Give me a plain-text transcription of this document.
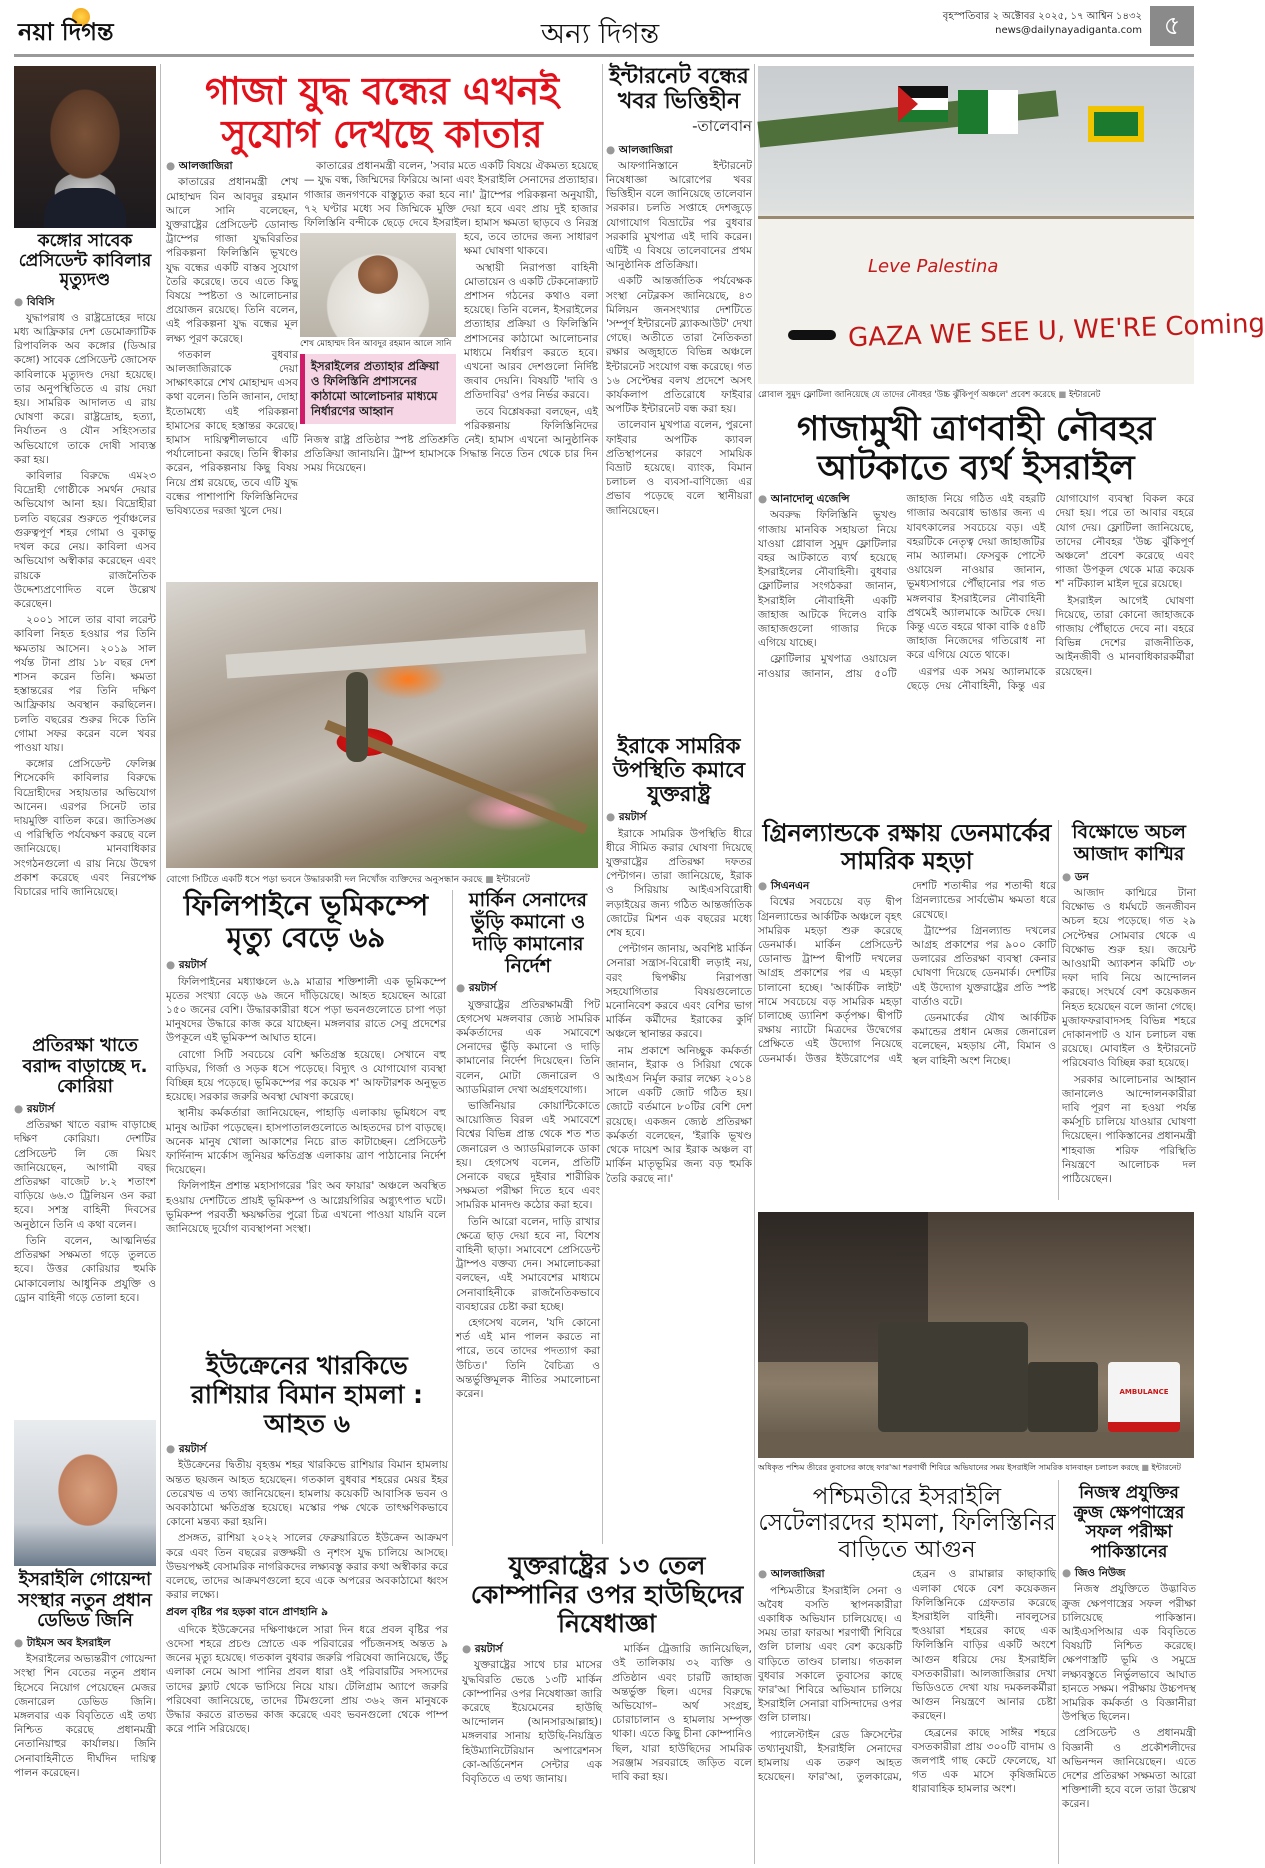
নয়া দিগন্ত	অন্য দিগন্ত
বৃহস্পতিবার ২ অক্টোবর ২০২৫, ১৭ আশ্বিন ১৪৩২
news@dailynayadiganta.com ৫
কঙ্গোর সাবেক প্রেসিডেন্ট কাবিলার মৃত্যুদণ্ড
● বিবিসি

যুদ্ধাপরাধ ও রাষ্ট্রদ্রোহের দায়ে মধ্য আফ্রিকার দেশ ডেমোক্র্যাটিক রিপাবলিক অব কঙ্গোর (ডিআর কঙ্গো) সাবেক প্রেসিডেন্ট জোসেফ কাবিলাকে মৃত্যুদণ্ড দেয়া হয়েছে। তার অনুপস্থিতিতে এ রায় দেয়া হয়। সামরিক আদালত এ রায় ঘোষণা করে। রাষ্ট্রদ্রোহ, হত্যা, নির্যাতন ও যৌন সহিংসতার অভিযোগে তাকে দোষী সাব্যস্ত করা হয়।

কাবিলার বিরুদ্ধে এম২৩ বিদ্রোহী গোষ্ঠীকে সমর্থন দেয়ার অভিযোগ আনা হয়। বিদ্রোহীরা চলতি বছরের শুরুতে পূর্বাঞ্চলের গুরুত্বপূর্ণ শহর গোমা ও বুকাভু দখল করে নেয়। কাবিলা এসব অভিযোগ অস্বীকার করেছেন এবং রায়কে রাজনৈতিক উদ্দেশ্যপ্রণোদিত বলে উল্লেখ করেছেন।

২০০১ সালে তার বাবা লরেন্ট কাবিলা নিহত হওয়ার পর তিনি ক্ষমতায় আসেন। ২০১৯ সাল পর্যন্ত টানা প্রায় ১৮ বছর দেশ শাসন করেন তিনি। ক্ষমতা হস্তান্তরের পর তিনি দক্ষিণ আফ্রিকায় অবস্থান করছিলেন। চলতি বছরের শুরুর দিকে তিনি গোমা সফর করেন বলে খবর পাওয়া যায়।

কঙ্গোর প্রেসিডেন্ট ফেলিক্স শিসেকেদি কাবিলার বিরুদ্ধে বিদ্রোহীদের সহায়তার অভিযোগ আনেন। এরপর সিনেট তার দায়মুক্তি বাতিল করে। জাতিসঙ্ঘ এ পরিস্থিতি পর্যবেক্ষণ করছে বলে জানিয়েছে। মানবাধিকার সংগঠনগুলো এ রায় নিয়ে উদ্বেগ প্রকাশ করেছে এবং নিরপেক্ষ বিচারের দাবি জানিয়েছে।

প্রতিরক্ষা খাতে বরাদ্দ বাড়াচ্ছে দ. কোরিয়া
● রয়টার্স

প্রতিরক্ষা খাতে বরাদ্দ বাড়াচ্ছে দক্ষিণ কোরিয়া। দেশটির প্রেসিডেন্ট লি জে মিয়ং জানিয়েছেন, আগামী বছর প্রতিরক্ষা বাজেট ৮.২ শতাংশ বাড়িয়ে ৬৬.৩ ট্রিলিয়ন ওন করা হবে। সশস্ত্র বাহিনী দিবসের অনুষ্ঠানে তিনি এ কথা বলেন।

তিনি বলেন, আত্মনির্ভর প্রতিরক্ষা সক্ষমতা গড়ে তুলতে হবে। উত্তর কোরিয়ার হুমকি মোকাবেলায় আধুনিক প্রযুক্তি ও ড্রোন বাহিনী গড়ে তোলা হবে।

ইসরাইলি গোয়েন্দা সংস্থার নতুন প্রধান ডেভিড জিনি
● টাইমস অব ইসরাইল

ইসরাইলের অভ্যন্তরীণ গোয়েন্দা সংস্থা শিন বেতের নতুন প্রধান হিসেবে নিয়োগ পেয়েছেন মেজর জেনারেল ডেভিড জিনি। মঙ্গলবার এক বিবৃতিতে এই তথ্য নিশ্চিত করেছে প্রধানমন্ত্রী নেতানিয়াহুর কার্যালয়। জিনি সেনাবাহিনীতে দীর্ঘদিন দায়িত্ব পালন করেছেন।

গাজা যুদ্ধ বন্ধের এখনই সুযোগ দেখছে কাতার
● আলজাজিরা

কাতারের প্রধানমন্ত্রী শেখ মোহাম্মদ বিন আবদুর রহমান আলে সানি বলেছেন, যুক্তরাষ্ট্রের প্রেসিডেন্ট ডোনাল্ড ট্রাম্পের গাজা যুদ্ধবিরতির পরিকল্পনা ফিলিস্তিনি ভূখণ্ডে যুদ্ধ বন্ধের একটি বাস্তব সুযোগ তৈরি করেছে। তবে এতে কিছু বিষয়ে স্পষ্টতা ও আলোচনার প্রয়োজন রয়েছে। তিনি বলেন, এই পরিকল্পনা যুদ্ধ বন্ধের মূল লক্ষ্য পূরণ করেছে।

গতকাল বুধবার আলজাজিরাকে দেয়া সাক্ষাৎকারে শেখ মোহাম্মদ এসব কথা বলেন। তিনি জানান, দোহা ইতোমধ্যে এই পরিকল্পনা হামাসের কাছে হস্তান্তর করেছে। হামাস দায়িত্বশীলভাবে এটি পর্যালোচনা করছে। তিনি স্বীকার করেন, পরিকল্পনায় কিছু বিষয় নিয়ে প্রশ্ন রয়েছে, তবে এটি যুদ্ধ বন্ধের পাশাপাশি ফিলিস্তিনিদের ভবিষ্যতের দরজা খুলে দেয়।

শেখ মোহাম্মদ বিন আবদুর রহমান আলে সানি
ইসরাইলের প্রত্যাহার প্রক্রিয়া ও ফিলিস্তিনি প্রশাসনের কাঠামো আলোচনার মাধ্যমে নির্ধারণের আহ্বান

কাতারের প্রধানমন্ত্রী বলেন, 'সবার মতে একটি বিষয়ে ঐকমত্য হয়েছে— যুদ্ধ বন্ধ, জিম্মিদের ফিরিয়ে আনা এবং ইসরাইলি সেনাদের প্রত্যাহার। গাজার জনগণকে বাস্তুচ্যুত করা হবে না।' ট্রাম্পের পরিকল্পনা অনুযায়ী, ৭২ ঘণ্টার মধ্যে সব জিম্মিকে মুক্তি দেয়া হবে এবং প্রায় দুই হাজার ফিলিস্তিনি বন্দীকে ছেড়ে দেবে ইসরাইল। হামাস ক্ষমতা ছাড়বে ও নিরস্ত্র হবে, তবে তাদের জন্য সাধারণ ক্ষমা ঘোষণা থাকবে।

অস্থায়ী নিরাপত্তা বাহিনী মোতায়েন ও একটি টেকনোক্র্যাট প্রশাসন গঠনের কথাও বলা হয়েছে। তিনি বলেন, ইসরাইলের প্রত্যাহার প্রক্রিয়া ও ফিলিস্তিনি প্রশাসনের কাঠামো আলোচনার মাধ্যমে নির্ধারণ করতে হবে। এখনো আরব দেশগুলো নির্দিষ্ট জবাব দেয়নি। বিষয়টি 'দাবি ও প্রতিদাবির' ওপর নির্ভর করবে।

তবে বিশ্লেষকরা বলছেন, এই পরিকল্পনায় ফিলিস্তিনিদের নিজস্ব রাষ্ট্র প্রতিষ্ঠার স্পষ্ট প্রতিশ্রুতি নেই। হামাস এখনো আনুষ্ঠানিক প্রতিক্রিয়া জানায়নি। ট্রাম্প হামাসকে সিদ্ধান্ত নিতে তিন থেকে চার দিন সময় দিয়েছেন।

বোগো সিটিতে একটি ধসে পড়া ভবনে উদ্ধারকারী দল নিখোঁজ ব্যক্তিদের অনুসন্ধান করছে ■ ইন্টারনেট
ফিলিপাইনে ভূমিকম্পে মৃত্যু বেড়ে ৬৯
● রয়টার্স

ফিলিপাইনের মধ্যাঞ্চলে ৬.৯ মাত্রার শক্তিশালী এক ভূমিকম্পে মৃতের সংখ্যা বেড়ে ৬৯ জনে দাঁড়িয়েছে। আহত হয়েছেন আরো ১৫০ জনের বেশি। উদ্ধারকারীরা ধসে পড়া ভবনগুলোতে চাপা পড়া মানুষদের উদ্ধারে কাজ করে যাচ্ছেন। মঙ্গলবার রাতে সেবু প্রদেশের উপকূলে এই ভূমিকম্প আঘাত হানে।

বোগো সিটি সবচেয়ে বেশি ক্ষতিগ্রস্ত হয়েছে। সেখানে বহু বাড়িঘর, গির্জা ও সড়ক ধসে পড়েছে। বিদ্যুৎ ও যোগাযোগ ব্যবস্থা বিচ্ছিন্ন হয়ে পড়েছে। ভূমিকম্পের পর কয়েক শ' আফটারশক অনুভূত হয়েছে। সরকার জরুরি অবস্থা ঘোষণা করেছে।

স্থানীয় কর্মকর্তারা জানিয়েছেন, পাহাড়ি এলাকায় ভূমিধসে বহু মানুষ আটকা পড়েছেন। হাসপাতালগুলোতে আহতদের চাপ বাড়ছে। অনেক মানুষ খোলা আকাশের নিচে রাত কাটাচ্ছেন। প্রেসিডেন্ট ফার্দিনান্দ মার্কোস জুনিয়র ক্ষতিগ্রস্ত এলাকায় ত্রাণ পাঠানোর নির্দেশ দিয়েছেন।

ফিলিপাইন প্রশান্ত মহাসাগরের 'রিং অব ফায়ার' অঞ্চলে অবস্থিত হওয়ায় দেশটিতে প্রায়ই ভূমিকম্প ও আগ্নেয়গিরির অগ্ন্যুৎপাত ঘটে। ভূমিকম্প পরবর্তী ক্ষয়ক্ষতির পুরো চিত্র এখনো পাওয়া যায়নি বলে জানিয়েছে দুর্যোগ ব্যবস্থাপনা সংস্থা।

ইউক্রেনের খারকিভে রাশিয়ার বিমান হামলা : আহত ৬
● রয়টার্স

ইউক্রেনের দ্বিতীয় বৃহত্তম শহর খারকিভে রাশিয়ার বিমান হামলায় অন্তত ছয়জন আহত হয়েছেন। গতকাল বুধবার শহরের মেয়র ইহর তেরেখভ এ তথ্য জানিয়েছেন। হামলায় কয়েকটি আবাসিক ভবন ও অবকাঠামো ক্ষতিগ্রস্ত হয়েছে। মস্কোর পক্ষ থেকে তাৎক্ষণিকভাবে কোনো মন্তব্য করা হয়নি।

প্রসঙ্গত, রাশিয়া ২০২২ সালের ফেব্রুয়ারিতে ইউক্রেন আক্রমণ করে এবং তিন বছরের রক্তক্ষয়ী ও নৃশংস যুদ্ধ চালিয়ে আসছে। উভয়পক্ষই বেসামরিক নাগরিকদের লক্ষ্যবস্তু করার কথা অস্বীকার করে বলেছে, তাদের আক্রমণগুলো হবে একে অপরের অবকাঠামো ধ্বংস করার লক্ষ্যে।

প্রবল বৃষ্টির পর হড়কা বানে প্রাণহানি ৯

এদিকে ইউক্রেনের দক্ষিণাঞ্চলে সারা দিন ধরে প্রবল বৃষ্টির পর ওদেসা শহরে প্রচণ্ড স্রোতে এক পরিবারের পাঁচজনসহ অন্তত ৯ জনের মৃত্যু হয়েছে। গতকাল বুধবার জরুরি পরিষেবা জানিয়েছে, উঁচু এলাকা নেমে আসা পানির প্রবল ধারা ওই পরিবারটির সদস্যদের তাদের ফ্ল্যাট থেকে ভাসিয়ে নিয়ে যায়। টেলিগ্রাম অ্যাপে জরুরি পরিষেবা জানিয়েছে, তাদের টিমগুলো প্রায় ৩৬২ জন মানুষকে উদ্ধার করতে রাতভর কাজ করেছে এবং ভবনগুলো থেকে পাম্প করে পানি সরিয়েছে।

মার্কিন সেনাদের ভুঁড়ি কমানো ও দাড়ি কামানোর নির্দেশ
● রয়টার্স

যুক্তরাষ্ট্রের প্রতিরক্ষামন্ত্রী পিট হেগসেথ মঙ্গলবার জ্যেষ্ঠ সামরিক কর্মকর্তাদের এক সমাবেশে সেনাদের ভুঁড়ি কমানো ও দাড়ি কামানোর নির্দেশ দিয়েছেন। তিনি বলেন, মোটা জেনারেল ও অ্যাডমিরাল দেখা অগ্রহণযোগ্য।

ভার্জিনিয়ার কোয়ান্টিকোতে আয়োজিত বিরল এই সমাবেশে বিশ্বের বিভিন্ন প্রান্ত থেকে শত শত জেনারেল ও অ্যাডমিরালকে ডাকা হয়। হেগসেথ বলেন, প্রতিটি সেনাকে বছরে দুইবার শারীরিক সক্ষমতা পরীক্ষা দিতে হবে এবং সামরিক মানদণ্ড কঠোর করা হবে।

তিনি আরো বলেন, দাড়ি রাখার ক্ষেত্রে ছাড় দেয়া হবে না, বিশেষ বাহিনী ছাড়া। সমাবেশে প্রেসিডেন্ট ট্রাম্পও বক্তব্য দেন। সমালোচকরা বলছেন, এই সমাবেশের মাধ্যমে সেনাবাহিনীকে রাজনৈতিকভাবে ব্যবহারের চেষ্টা করা হচ্ছে।

হেগসেথ বলেন, 'যদি কোনো শর্ত এই মান পালন করতে না পারে, তবে তাদের পদত্যাগ করা উচিত।' তিনি বৈচিত্র্য ও অন্তর্ভুক্তিমূলক নীতির সমালোচনা করেন।

ইন্টারনেট বন্ধের খবর ভিত্তিহীন
-তালেবান
● আলজাজিরা

আফগানিস্তানে ইন্টারনেট নিষেধাজ্ঞা আরোপের খবর ভিত্তিহীন বলে জানিয়েছে তালেবান সরকার। চলতি সপ্তাহে দেশজুড়ে যোগাযোগ বিভ্রাটের পর বুধবার সরকারি মুখপাত্র এই দাবি করেন। এটিই এ বিষয়ে তালেবানের প্রথম আনুষ্ঠানিক প্রতিক্রিয়া।

একটি আন্তর্জাতিক পর্যবেক্ষক সংস্থা নেটব্লকস জানিয়েছে, ৪৩ মিলিয়ন জনসংখ্যার দেশটিতে 'সম্পূর্ণ ইন্টারনেট ব্ল্যাকআউট' দেখা গেছে। অতীতে তারা নৈতিকতা রক্ষার অজুহাতে বিভিন্ন অঞ্চলে ইন্টারনেট সংযোগ বন্ধ করেছে। গত ১৬ সেপ্টেম্বর বলখ প্রদেশে অসৎ কার্যকলাপ প্রতিরোধে ফাইবার অপটিক ইন্টারনেট বন্ধ করা হয়।

তালেবান মুখপাত্র বলেন, পুরনো ফাইবার অপটিক ক্যাবল প্রতিস্থাপনের কারণে সাময়িক বিভ্রাট হয়েছে। ব্যাংক, বিমান চলাচল ও ব্যবসা-বাণিজ্যে এর প্রভাব পড়েছে বলে স্থানীয়রা জানিয়েছেন।

ইরাকে সামরিক উপস্থিতি কমাবে যুক্তরাষ্ট্র
● রয়টার্স

ইরাকে সামরিক উপস্থিতি ধীরে ধীরে সীমিত করার ঘোষণা দিয়েছে যুক্তরাষ্ট্রের প্রতিরক্ষা দফতর পেন্টাগন। তারা জানিয়েছে, ইরাক ও সিরিয়ায় আইএসবিরোধী লড়াইয়ের জন্য গঠিত আন্তর্জাতিক জোটের মিশন এক বছরের মধ্যে শেষ হবে।

পেন্টাগন জানায়, অবশিষ্ট মার্কিন সেনারা সন্ত্রাস-বিরোধী লড়াই নয়, বরং দ্বিপক্ষীয় নিরাপত্তা সহযোগিতার বিষয়গুলোতে মনোনিবেশ করবে এবং বেশির ভাগ মার্কিন কর্মীদের ইরাকের কুর্দি অঞ্চলে স্থানান্তর করবে।

নাম প্রকাশে অনিচ্ছুক কর্মকর্তা জানান, ইরাক ও সিরিয়া থেকে আইএস নির্মূল করার লক্ষ্যে ২০১৪ সালে একটি জোট গঠিত হয়। জোটে বর্তমানে ৮০টির বেশি দেশ রয়েছে। একজন জ্যেষ্ঠ প্রতিরক্ষা কর্মকর্তা বলেছেন, 'ইরাকি ভূখণ্ড থেকে দায়েশ আর ইরাক অঞ্চল বা মার্কিন মাতৃভূমির জন্য বড় হুমকি তৈরি করছে না।'

যুক্তরাষ্ট্রের ১৩ তেল কোম্পানির ওপর হাউছিদের নিষেধাজ্ঞা
● রয়টার্স

যুক্তরাষ্ট্রের সাথে চার মাসের যুদ্ধবিরতি ভেঙে ১৩টি মার্কিন কোম্পানির ওপর নিষেধাজ্ঞা জারি করেছে ইয়েমেনের হাউছি আন্দোলন (আনসারআল্লাহ)। মঙ্গলবার সানায় হাউছি-নিয়ন্ত্রিত হিউম্যানিটেরিয়ান অপারেশনস কো-অর্ডিনেশন সেন্টার এক বিবৃতিতে এ তথ্য জানায়।

মার্কিন ট্রেজারি জানিয়েছিল, ওই তালিকায় ৩২ ব্যক্তি ও প্রতিষ্ঠান এবং চারটি জাহাজ অন্তর্ভুক্ত ছিল। এদের বিরুদ্ধে অভিযোগ– অর্থ সংগ্রহ, চোরাচালান ও হামলায় সম্পৃক্ত থাকা। এতে কিছু চীনা কোম্পানিও ছিল, যারা হাউছিদের সামরিক সরঞ্জাম সরবরাহে জড়িত বলে দাবি করা হয়।

Leve Palestina
GAZA WE SEE U, WE'RE Coming
গ্লোবাল সুমুদ ফ্লোটিলা জানিয়েছে যে তাদের নৌবহর 'উচ্চ ঝুঁকিপূর্ণ অঞ্চলে' প্রবেশ করেছে ■ ইন্টারনেট
গাজামুখী ত্রাণবাহী নৌবহর আটকাতে ব্যর্থ ইসরাইল
● আনাদোলু এজেন্সি

অবরুদ্ধ ফিলিস্তিনি ভূখণ্ড গাজায় মানবিক সহায়তা নিয়ে যাওয়া গ্লোবাল সুমুদ ফ্লোটিলার বহর আটকাতে ব্যর্থ হয়েছে ইসরাইলের নৌবাহিনী। বুধবার ফ্লোটিলার সংগঠকরা জানান, ইসরাইলি নৌবাহিনী একটি জাহাজ আটকে দিলেও বাকি জাহাজগুলো গাজার দিকে এগিয়ে যাচ্ছে।

ফ্লোটিলার মুখপাত্র ওয়ায়েল নাওয়ার জানান, প্রায় ৫০টি জাহাজ নিয়ে গঠিত এই বহরটি গাজার অবরোধ ভাঙার জন্য এ যাবৎকালের সবচেয়ে বড়। এই বহরটিকে নেতৃত্ব দেয়া জাহাজটির নাম অ্যালমা। ফেসবুক পোস্টে ওয়ায়েল নাওয়ার জানান, ভূমধ্যসাগরে পৌঁছানোর পর গত মঙ্গলবার ইসরাইলের নৌবাহিনী প্রথমেই অ্যালমাকে আটকে দেয়। কিন্তু এতে বহরে থাকা বাকি ৫৪টি জাহাজ নিজেদের গতিরোধ না করে এগিয়ে যেতে থাকে।

এরপর এক সময় অ্যালমাকে ছেড়ে দেয় নৌবাহিনী, কিন্তু এর যোগাযোগ ব্যবস্থা বিকল করে দেয়া হয়। পরে তা আবার বহরে যোগ দেয়। ফ্লোটিলা জানিয়েছে, তাদের নৌবহর 'উচ্চ ঝুঁকিপূর্ণ অঞ্চলে' প্রবেশ করেছে এবং গাজা উপকূল থেকে মাত্র কয়েক শ' নটিক্যাল মাইল দূরে রয়েছে।

ইসরাইল আগেই ঘোষণা দিয়েছে, তারা কোনো জাহাজকে গাজায় পৌঁছাতে দেবে না। বহরে বিভিন্ন দেশের রাজনীতিক, আইনজীবী ও মানবাধিকারকর্মীরা রয়েছেন।

গ্রিনল্যান্ডকে রক্ষায় ডেনমার্কের সামরিক মহড়া
● সিএনএন

বিশ্বের সবচেয়ে বড় দ্বীপ গ্রিনল্যান্ডের আর্কটিক অঞ্চলে বৃহৎ সামরিক মহড়া শুরু করেছে ডেনমার্ক। মার্কিন প্রেসিডেন্ট ডোনাল্ড ট্রাম্প দ্বীপটি দখলের আগ্রহ প্রকাশের পর এ মহড়া চালানো হচ্ছে। 'আর্কটিক লাইট' নামে সবচেয়ে বড় সামরিক মহড়া চালাচ্ছে ড্যানিশ কর্তৃপক্ষ। দ্বীপটি রক্ষায় ন্যাটো মিত্রদের উদ্বেগের প্রেক্ষিতে এই উদ্যোগ নিয়েছে ডেনমার্ক। উত্তর ইউরোপের এই দেশটি শতাব্দীর পর শতাব্দী ধরে গ্রিনল্যান্ডের সার্বভৌম ক্ষমতা ধরে রেখেছে।

ট্রাম্পের গ্রিনল্যান্ড দখলের আগ্রহ প্রকাশের পর ৯০০ কোটি ডলারের প্রতিরক্ষা ব্যবস্থা কেনার ঘোষণা দিয়েছে ডেনমার্ক। দেশটির এই উদ্যোগ যুক্তরাষ্ট্রের প্রতি স্পষ্ট বার্তাও বটে।

ডেনমার্কের যৌথ আর্কটিক কমান্ডের প্রধান মেজর জেনারেল বলেছেন, মহড়ায় নৌ, বিমান ও স্থল বাহিনী অংশ নিচ্ছে।

বিক্ষোভে অচল আজাদ কাশ্মির
● ডন

আজাদ কাশ্মিরে টানা বিক্ষোভ ও ধর্মঘটে জনজীবন অচল হয়ে পড়েছে। গত ২৯ সেপ্টেম্বর সোমবার থেকে এ বিক্ষোভ শুরু হয়। জয়েন্ট আওয়ামী অ্যাকশন কমিটি ৩৮ দফা দাবি নিয়ে আন্দোলন করছে। সংঘর্ষে বেশ কয়েকজন নিহত হয়েছেন বলে জানা গেছে। মুজাফফরাবাদসহ বিভিন্ন শহরে দোকানপাট ও যান চলাচল বন্ধ রয়েছে। মোবাইল ও ইন্টারনেট পরিষেবাও বিচ্ছিন্ন করা হয়েছে।

সরকার আলোচনার আহ্বান জানালেও আন্দোলনকারীরা দাবি পূরণ না হওয়া পর্যন্ত কর্মসূচি চালিয়ে যাওয়ার ঘোষণা দিয়েছেন। পাকিস্তানের প্রধানমন্ত্রী শাহবাজ শরিফ পরিস্থিতি নিয়ন্ত্রণে আলোচক দল পাঠিয়েছেন।

AMBULANCE
অধিকৃত পশ্চিম তীরের তুবাসের কাছে ফার'আ শরণার্থী শিবিরে অভিযানের সময় ইসরাইলি সামরিক যানবাহন চলাচল করছে ■ ইন্টারনেট
পশ্চিমতীরে ইসরাইলি সেটেলারদের হামলা, ফিলিস্তিনির বাড়িতে আগুন
● আলজাজিরা

পশ্চিমতীরে ইসরাইলি সেনা ও অবৈধ বসতি স্থাপনকারীরা একাধিক অভিযান চালিয়েছে। এ সময় তারা ফারআ শরণার্থী শিবিরে গুলি চালায় এবং বেশ কয়েকটি বাড়িতে তাণ্ডব চালায়। গতকাল বুধবার সকালে তুবাসের কাছে ফার'আ শিবিরে অভিযান চালিয়ে ইসরাইলি সেনারা বাসিন্দাদের ওপর গুলি চালায়।

প্যালেস্টাইন রেড ক্রিসেন্টের তথ্যানুযায়ী, ইসরাইলি সেনাদের হামলায় এক তরুণ আহত হয়েছেন। ফার'আ, তুলকারেম, হেব্রন ও রামাল্লার কাছাকাছি এলাকা থেকে বেশ কয়েকজন ফিলিস্তিনিকে গ্রেফতার করেছে ইসরাইলি বাহিনী। নাবলুসের হুওয়ারা শহরের কাছে এক ফিলিস্তিনি বাড়ির একটি অংশে আগুন ধরিয়ে দেয় ইসরাইলি বসতকারীরা। আলজাজিরার দেখা ভিডিওতে দেখা যায় দমকলকর্মীরা আগুন নিয়ন্ত্রণে আনার চেষ্টা করছেন।

হেব্রনের কাছে সাঈর শহরে বসতকারীরা প্রায় ৩০০টি বাদাম ও জলপাই গাছ কেটে ফেলেছে, যা গত এক মাসে কৃষিজমিতে ধারাবাহিক হামলার অংশ।

নিজস্ব প্রযুক্তির ক্রুজ ক্ষেপণাস্ত্রের সফল পরীক্ষা পাকিস্তানের
● জিও নিউজ

নিজস্ব প্রযুক্তিতে উদ্ভাবিত ক্রুজ ক্ষেপণাস্ত্রের সফল পরীক্ষা চালিয়েছে পাকিস্তান। আইএসপিআর এক বিবৃতিতে বিষয়টি নিশ্চিত করেছে। ক্ষেপণাস্ত্রটি ভূমি ও সমুদ্রে লক্ষ্যবস্তুতে নির্ভুলভাবে আঘাত হানতে সক্ষম। পরীক্ষায় উচ্চপদস্থ সামরিক কর্মকর্তা ও বিজ্ঞানীরা উপস্থিত ছিলেন।

প্রেসিডেন্ট ও প্রধানমন্ত্রী বিজ্ঞানী ও প্রকৌশলীদের অভিনন্দন জানিয়েছেন। এতে দেশের প্রতিরক্ষা সক্ষমতা আরো শক্তিশালী হবে বলে তারা উল্লেখ করেন।
